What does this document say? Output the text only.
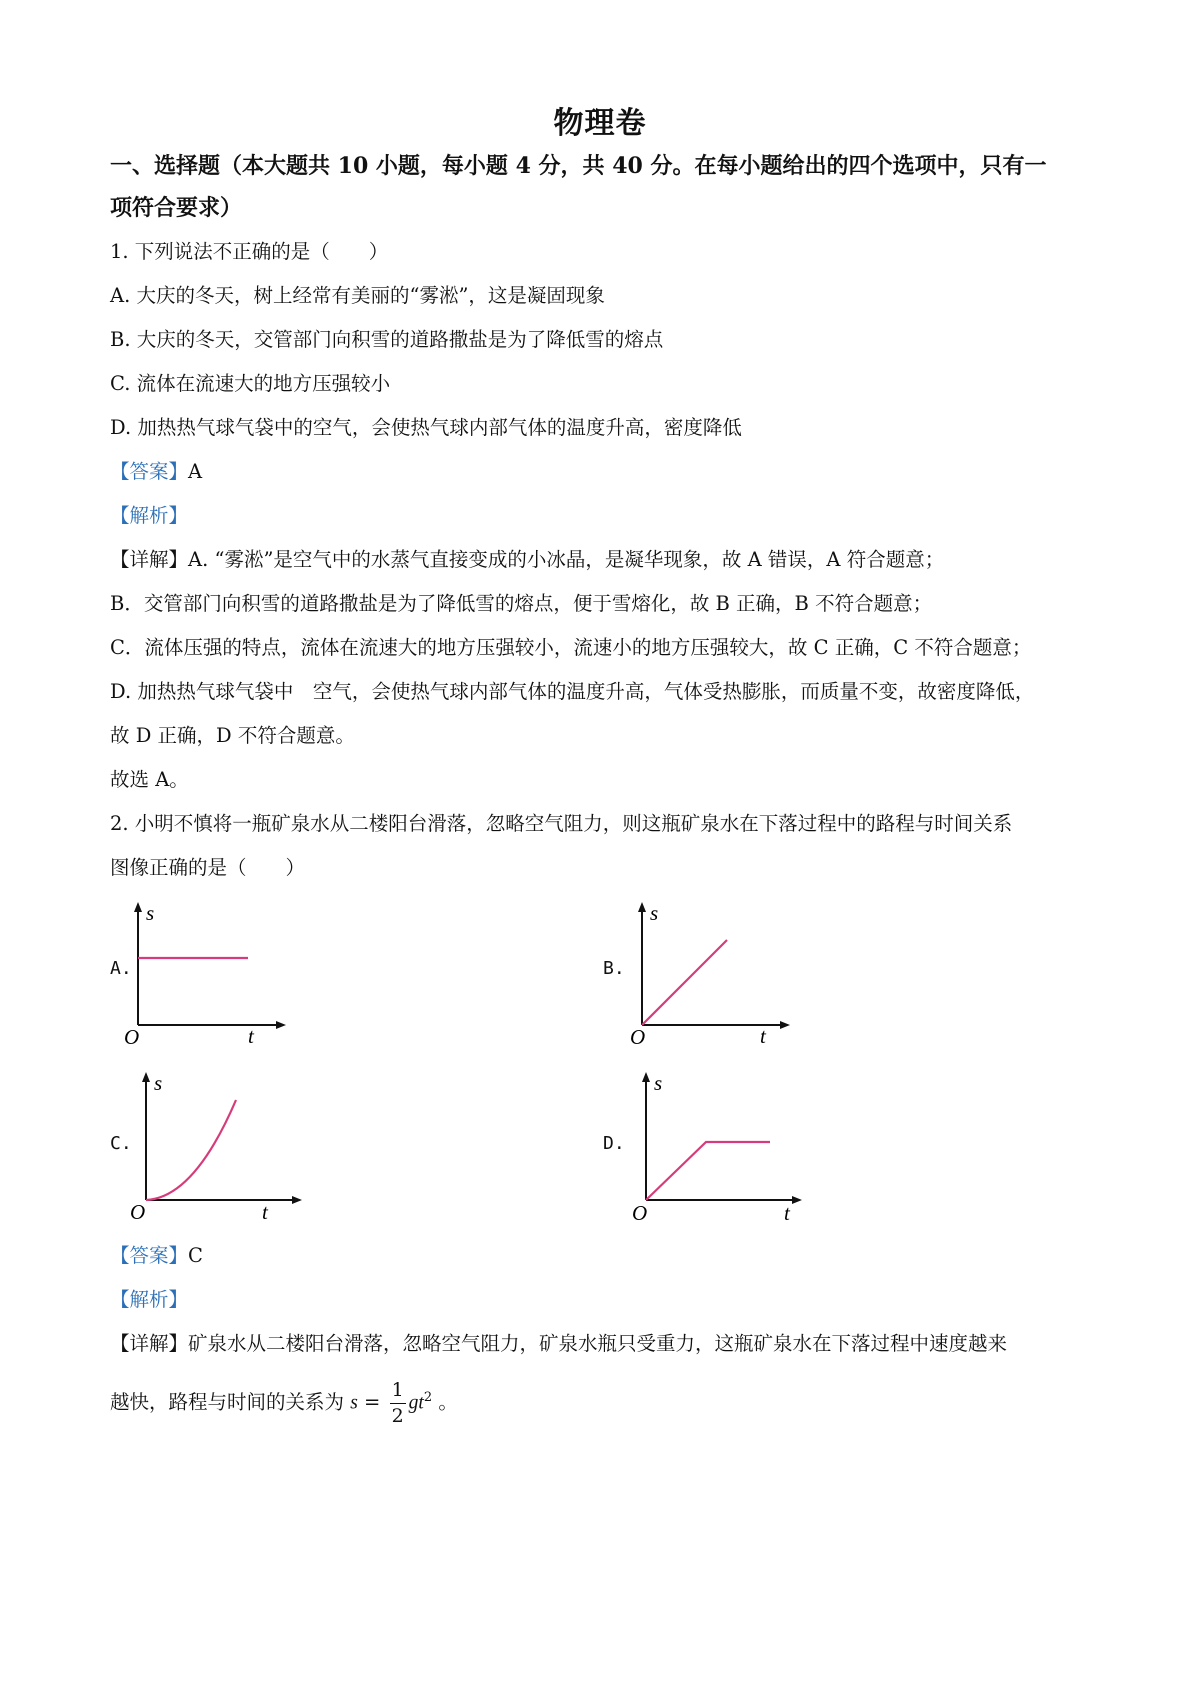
物理卷
一、选择题（本大题共 10 小题，每小题 4 分，共 40 分。在每小题给出的四个选项中，只有一
项符合要求）
1. 下列说法不正确的是（　　）
A. 大庆的冬天，树上经常有美丽的“雾淞”，这是凝固现象
B. 大庆的冬天，交管部门向积雪的道路撒盐是为了降低雪的熔点
C. 流体在流速大的地方压强较小
D. 加热热气球气袋中的空气，会使热气球内部气体的温度升高，密度降低
【答案】A
【解析】
【详解】A. “雾淞”是空气中的水蒸气直接变成的小冰晶，是凝华现象，故 A 错误，A 符合题意；
B．交管部门向积雪的道路撒盐是为了降低雪的熔点，便于雪熔化，故 B 正确，B 不符合题意；
C．流体压强的特点，流体在流速大的地方压强较小，流速小的地方压强较大，故 C 正确，C 不符合题意；
D. 加热热气球气袋中　空气，会使热气球内部气体的温度升高，气体受热膨胀，而质量不变，故密度降低，
故 D 正确，D 不符合题意。
故选 A。
2. 小明不慎将一瓶矿泉水从二楼阳台滑落，忽略空气阻力，则这瓶矿泉水在下落过程中的路程与时间关系
图像正确的是（　　）
A.
s
t
O
B.
s
t
O
C.
s
t
O
D.
s
t
O
【答案】C
【解析】
【详解】矿泉水从二楼阳台滑落，忽略空气阻力，矿泉水瓶只受重力，这瓶矿泉水在下落过程中速度越来
越快，路程与时间的关系为 $s = \frac{1}{2} gt^2$ 。
